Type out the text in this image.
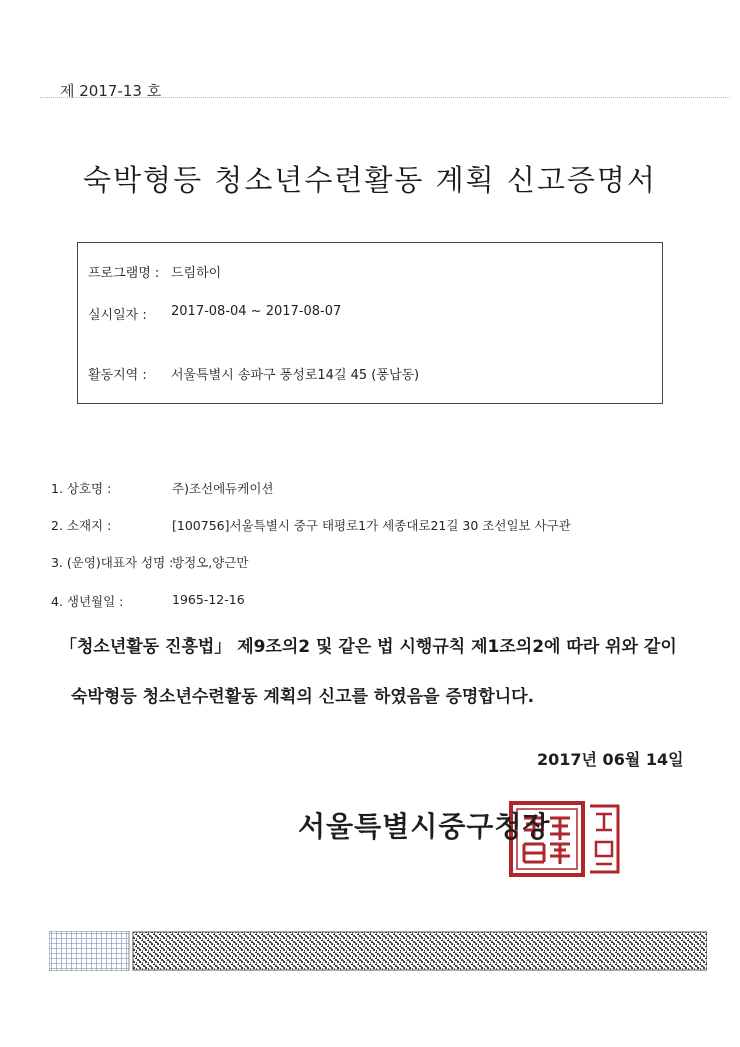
제 2017-13 호
숙박형등 청소년수련활동 계획 신고증명서
프로그램명 : 드림하이
실시일자 : 2017-08-04 ~ 2017-08-07
활동지역 : 서울특별시 송파구 풍성로14길 45 (풍납동)
1. 상호명 :	주)조선에듀케이션
2. 소재지 :	[100756]서울특별시 중구 태평로1가 세종대로21길 30 조선일보 사구관
3. (운영)대표자 성명 :
방정오,양근만
4. 생년월일 :	1965-12-16
「청소년활동 진흥법」 제9조의2 및 같은 법 시행규칙 제1조의2에 따라 위와 같이
숙박형등 청소년수련활동 계획의 신고를 하였음을 증명합니다.
2017년 06월 14일
서울특별시중구청장
